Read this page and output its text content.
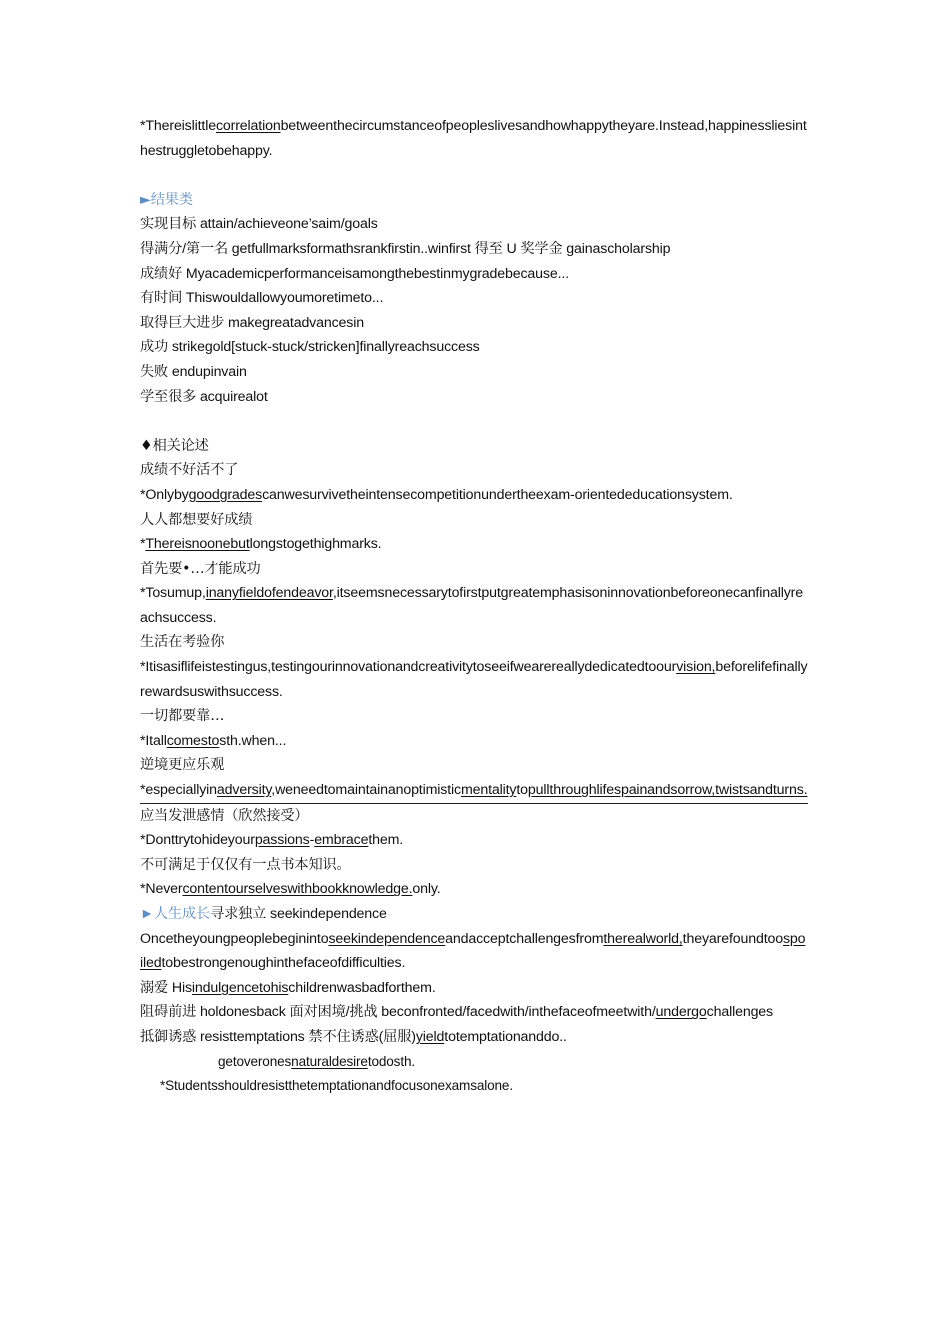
*Thereislittlecorrelationbetweenthecircumstanceofpeopleslivesandhowhappytheyare.Instead,happinessliesinthestruggletobehappy.
►结果类
实现目标 attain/achieveone’saim/goals
得满分/第一名 getfullmarksformathsrankfirstin..winfirst 得至 U 奖学金 gainascholarship
成绩好 Myacademicperformanceisamongthebestinmygradebecause...
有时间 Thiswouldallowyoumoretimeto...
取得巨大进步 makegreatadvancesin
成功 strikegold[stuck-stuck/stricken]finallyreachsuccess
失败 endupinvain
学至很多 acquirealot
♦相关论述
成绩不好活不了
*Onlybygoodgradescanwesurvivetheintensecompetitionundertheexam-orientededucationsystem.
人人都想要好成绩
*Thereisnoonebutlongstogethighmarks.
首先要•…才能成功
*Tosumup,inanyfieldofendeavor,itseemsnecessarytofirstputgreatemphasisoninnovationbeforeonecanfinallyreachsuccess.
生活在考验你
*Itisasiflifeistestingus,testingourinnovationandcreativitytoseeifwearereallydedicatedtoourvision,beforelifefinallyrewardsuswithsuccess.
一切都要靠…
*Itallcomestosth.when...
逆境更应乐观
*especiallyinadversity,weneedtomaintainanoptimisticmentalitytopullthroughlifespainandsorrow,twistsandturns.
应当发泄感情（欣然接受）
*Donttrytohideyourpassions-embracethem.
不可满足于仅仅有一点书本知识。
*Nevercontentourselveswithbookknowledge.only.
►人生成长寻求独立 seekindependence
Oncetheyoungpeoplebeginintoseekindependenceandacceptchallengesfromtherealworld,theyarefoundtoospoiledtobestrongenoughinthefaceofdifficulties.
溺爱 Hisindulgencetohischildrenwasbadforthem.
阻碍前进 holdonesback 面对困境/挑战 beconfronted/facedwith/inthefaceofmeetwith/undergochallenges
抵御诱惑 resisttemptations 禁不住诱惑(屈服)yieldtotemptationanddo..
getoveronesnaturaldesiretodosth.
*Studentsshouldresistthetemptationandfocusonexamsalone.
